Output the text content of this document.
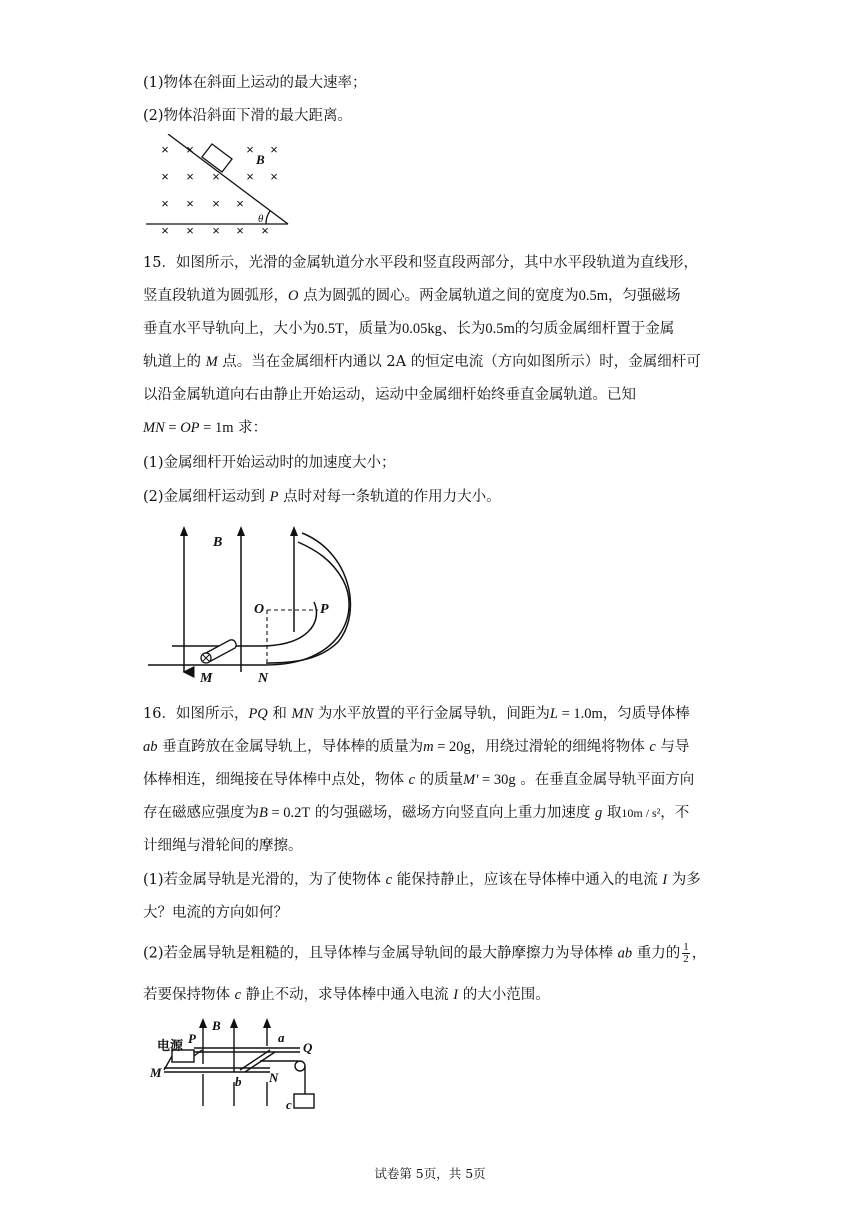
(1)物体在斜面上运动的最大速率；
(2)物体沿斜面下滑的最大距离。
× ×	× ×
× × × × ×
× × × ×
× × × × ×
B
θ
15．如图所示，光滑的金属轨道分水平段和竖直段两部分，其中水平段轨道为直线形，
竖直段轨道为圆弧形，O 点为圆弧的圆心。两金属轨道之间的宽度为0.5m，匀强磁场
垂直水平导轨向上，大小为0.5T，质量为0.05kg、长为0.5m的匀质金属细杆置于金属
轨道上的 M 点。当在金属细杆内通以 2A 的恒定电流（方向如图所示）时，金属细杆可
以沿金属轨道向右由静止开始运动，运动中金属细杆始终垂直金属轨道。已知
MN = OP = 1m 求：
(1)金属细杆开始运动时的加速度大小；
(2)金属细杆运动到 P 点时对每一条轨道的作用力大小。
B
O	P
M	N
16．如图所示，PQ 和 MN 为水平放置的平行金属导轨，间距为L = 1.0m，匀质导体棒
ab 垂直跨放在金属导轨上，导体棒的质量为m = 20g，用绕过滑轮的细绳将物体 c 与导
体棒相连，细绳接在导体棒中点处，物体 c 的质量M′ = 30g 。在垂直金属导轨平面方向
存在磁感应强度为B = 0.2T 的匀强磁场，磁场方向竖直向上重力加速度 g 取10m / s²，不
计细绳与滑轮间的摩擦。
(1)若金属导轨是光滑的，为了使物体 c 能保持静止，应该在导体棒中通入的电流 I 为多
大？电流的方向如何？
(2)若金属导轨是粗糙的，且导体棒与金属导轨间的最大静摩擦力为导体棒 ab 重力的 $\frac{1}{2}$ ，
若要保持物体 c 静止不动，求导体棒中通入电流 I 的大小范围。
电源
P
B
a
Q
M
b N
c
试卷第 5页，共 5页
